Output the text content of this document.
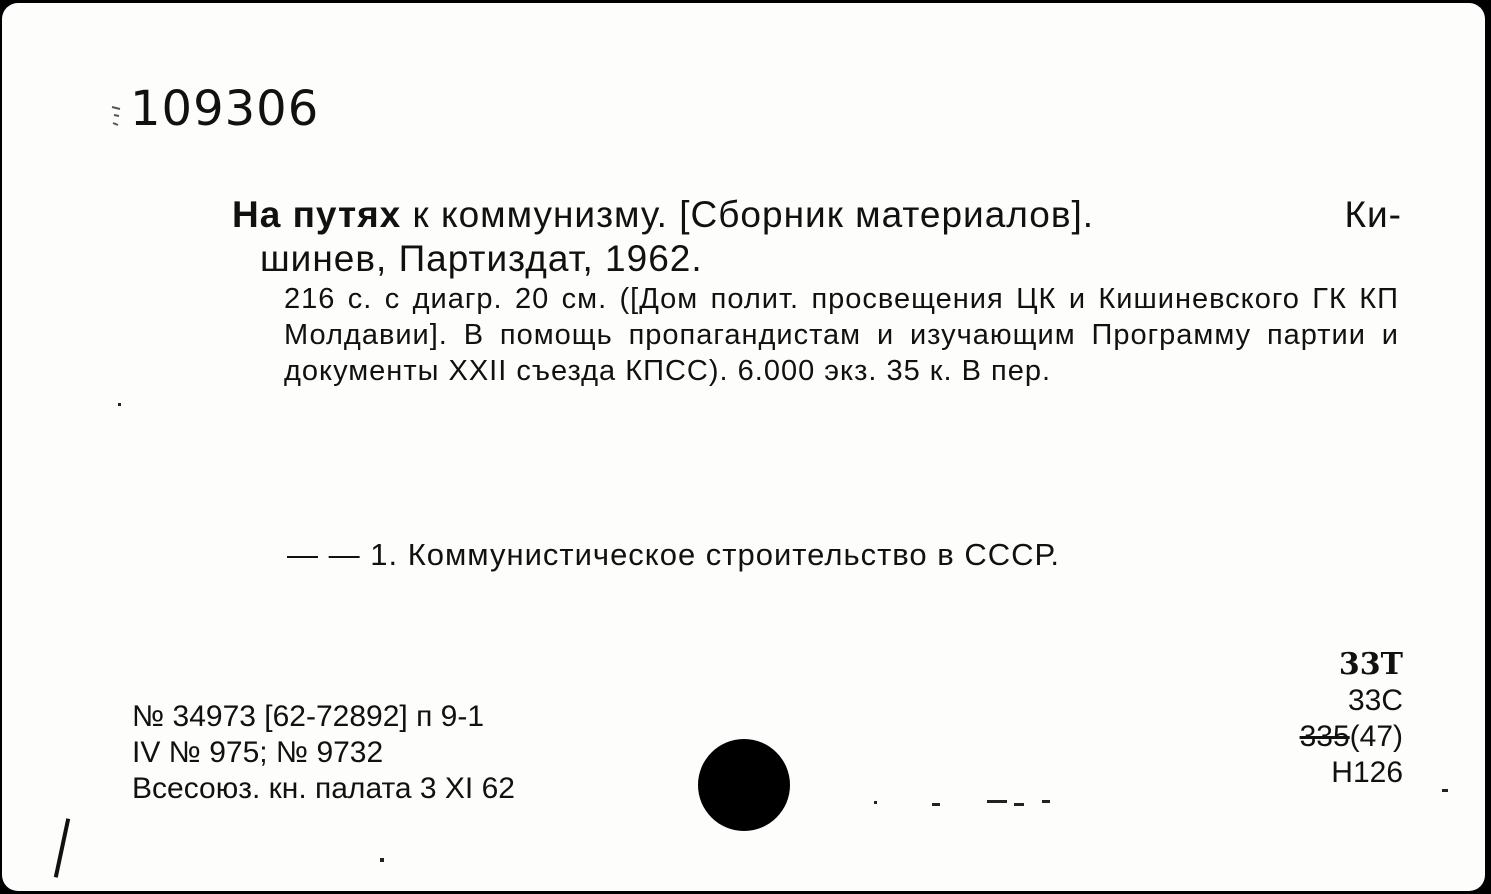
109306
На путях к коммунизму. [Сборник материалов].	Ки-
шинев, Партиздат, 1962.
216 с. с диагр. 20 см. ([Дом полит. просвещения ЦК и Кишиневского ГК КП Молдавии]. В помощь пропагандистам и изучающим Программу партии и документы XXII съезда КПСС). 6.000 экз. 35 к. В пер.
— — 1. Коммунистическое строительство в СССР.
№ 34973 [62-72892] п 9-1
IV № 975; № 9732
Всесоюз. кн. палата 3 XI 62
33Т
33С
335(47)
Н126
